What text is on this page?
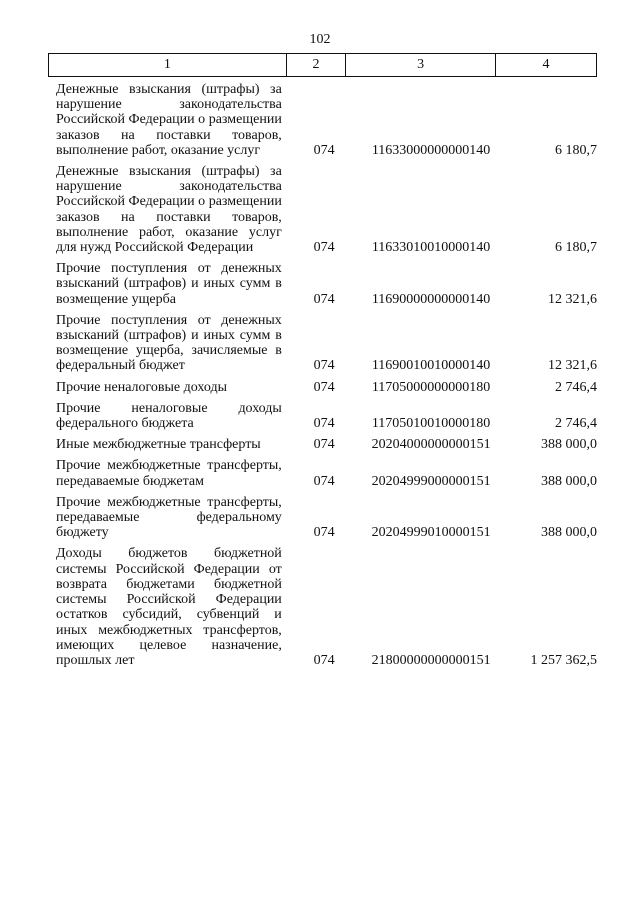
102
1	2	3	4
Денежные взыскания (штрафы) за нарушение законодательства Российской Федерации о размещении заказов на поставки товаров, выполнение работ, оказание услуг	074	11633000000000140	6 180,7
Денежные взыскания (штрафы) за нарушение законодательства Российской Федерации о размещении заказов на поставки товаров, выполнение работ, оказание услуг для нужд Российской Федерации	074	11633010010000140	6 180,7
Прочие поступления от денежных взысканий (штрафов) и иных сумм в возмещение ущерба	074	11690000000000140	12 321,6
Прочие поступления от денежных взысканий (штрафов) и иных сумм в возмещение ущерба, зачисляемые в федеральный бюджет	074	11690010010000140	12 321,6
Прочие неналоговые доходы	074	11705000000000180	2 746,4
Прочие неналоговые доходы федерального бюджета	074	11705010010000180	2 746,4
Иные межбюджетные трансферты	074	20204000000000151	388 000,0
Прочие межбюджетные трансферты, передаваемые бюджетам	074	20204999000000151	388 000,0
Прочие межбюджетные трансферты, передаваемые федеральному бюджету	074	20204999010000151	388 000,0
Доходы бюджетов бюджетной системы Российской Федерации от возврата бюджетами бюджетной системы Российской Федерации остатков субсидий, субвенций и иных межбюджетных трансфертов, имеющих целевое назначение, прошлых лет	074	21800000000000151	1 257 362,5
